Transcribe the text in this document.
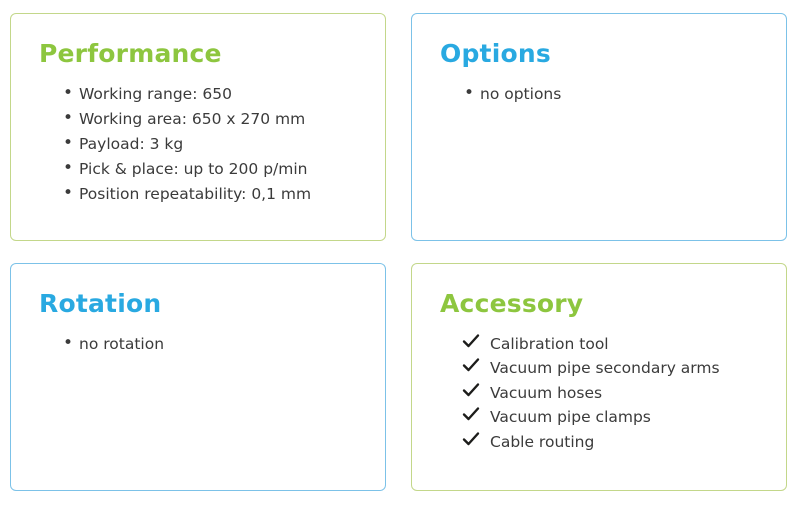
Performance
• Working range: 650
• Working area: 650 x 270 mm
• Payload: 3 kg
• Pick & place: up to 200 p/min
• Position repeatability: 0,1 mm
Options
• no options
Rotation
• no rotation
Accessory
Calibration tool
Vacuum pipe secondary arms
Vacuum hoses
Vacuum pipe clamps
Cable routing
